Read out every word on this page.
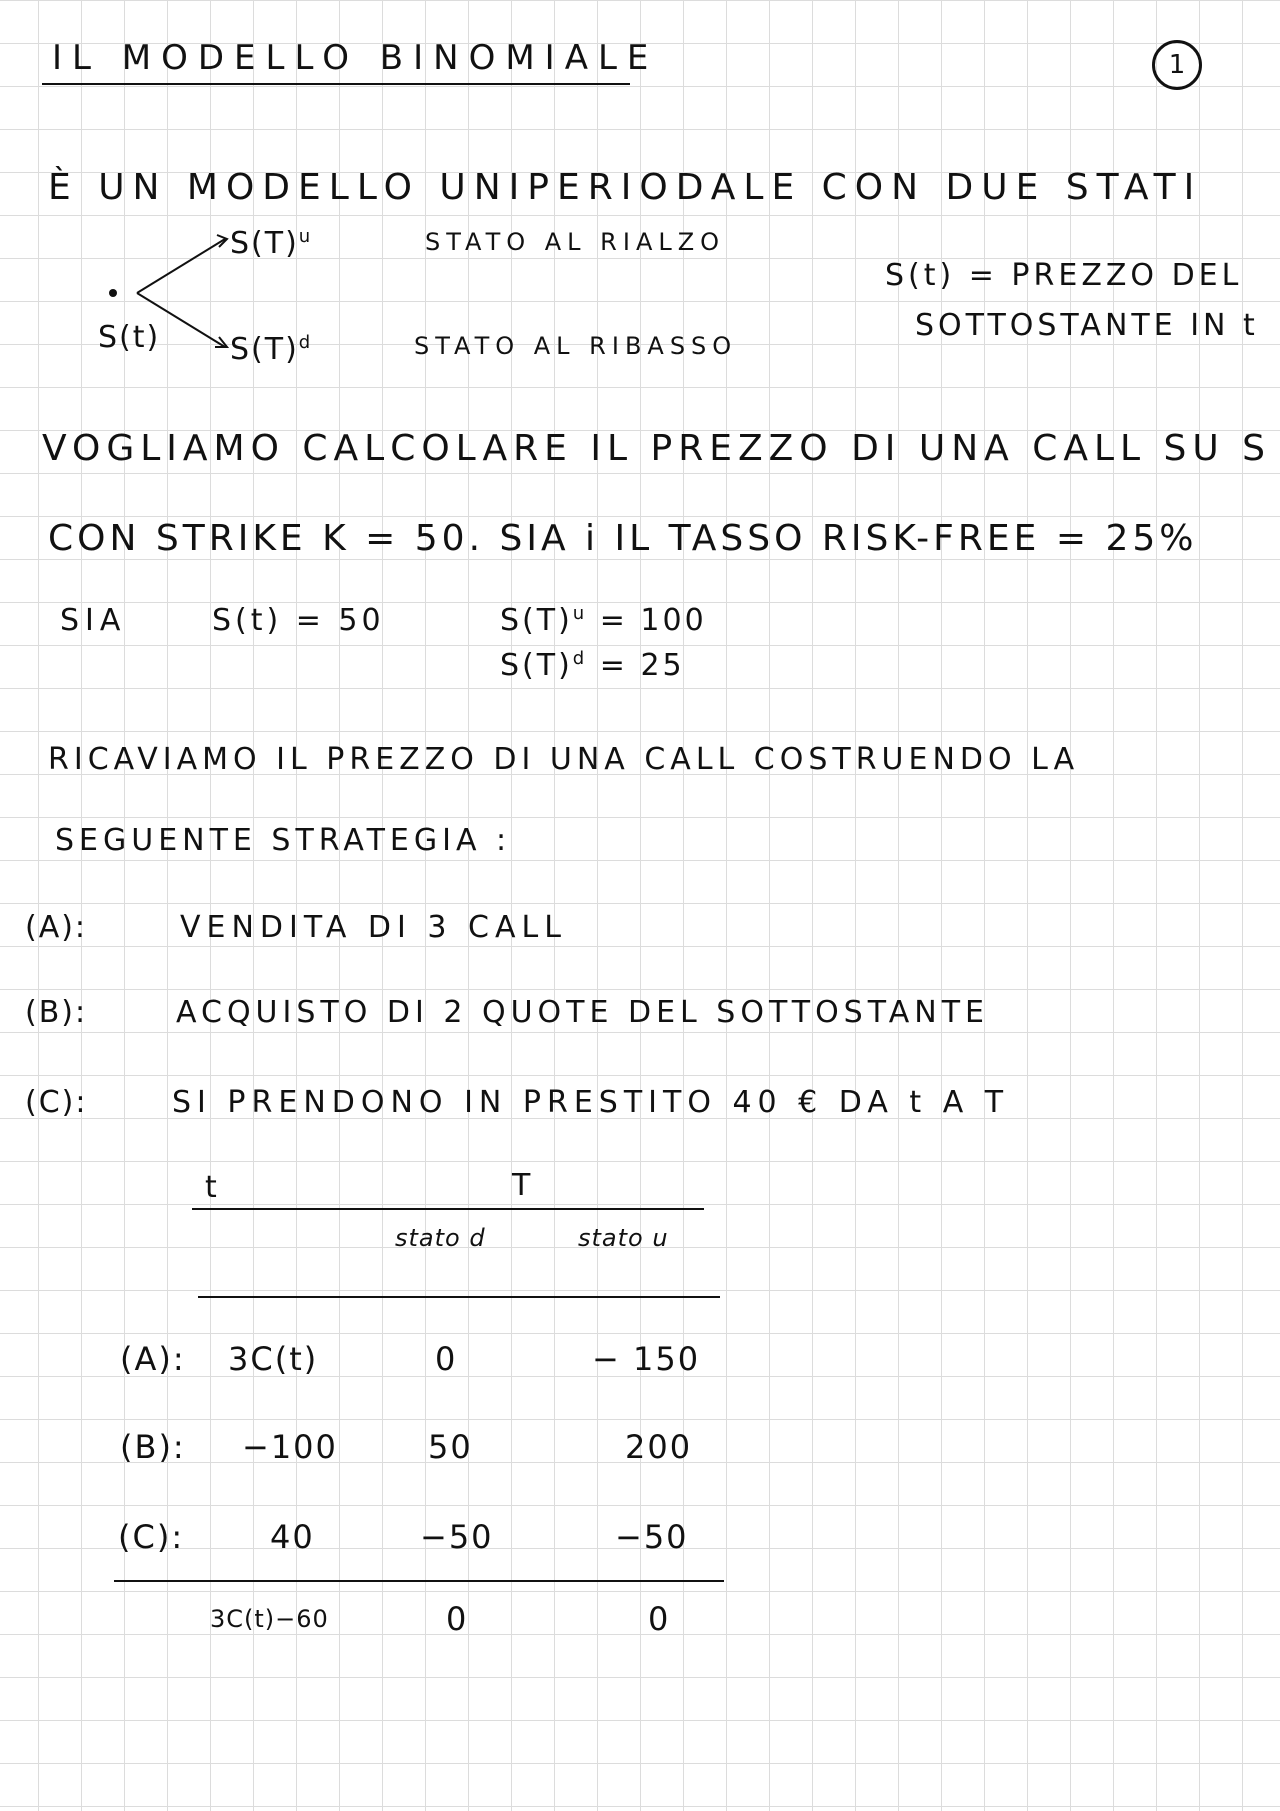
IL MODELLO BINOMIALE	1
È UN MODELLO UNIPERIODALE CON DUE STATI
S(t)
$S(T)^u$
$S(T)^d$
STATO AL RIALZO
STATO AL RIBASSO
S(t) = PREZZO DEL
SOTTOSTANTE IN t
VOGLIAMO CALCOLARE IL PREZZO DI UNA CALL SU S
CON STRIKE K = 50. SIA i IL TASSO RISK-FREE = 25%
SIA	S(t) = 50	$S(T)^u = 100$
$S(T)^d = 25$
RICAVIAMO IL PREZZO DI UNA CALL COSTRUENDO LA
SEGUENTE STRATEGIA :
(A):	VENDITA DI 3 CALL
(B):	ACQUISTO DI 2 QUOTE DEL SOTTOSTANTE
(C):	SI PRENDONO IN PRESTITO 40 € DA t A T
t	T
stato d	stato u
(A): 3C(t)	0	− 150
(B): −100	50	200
(C):	40	−50	−50
3C(t)−60	0	0
